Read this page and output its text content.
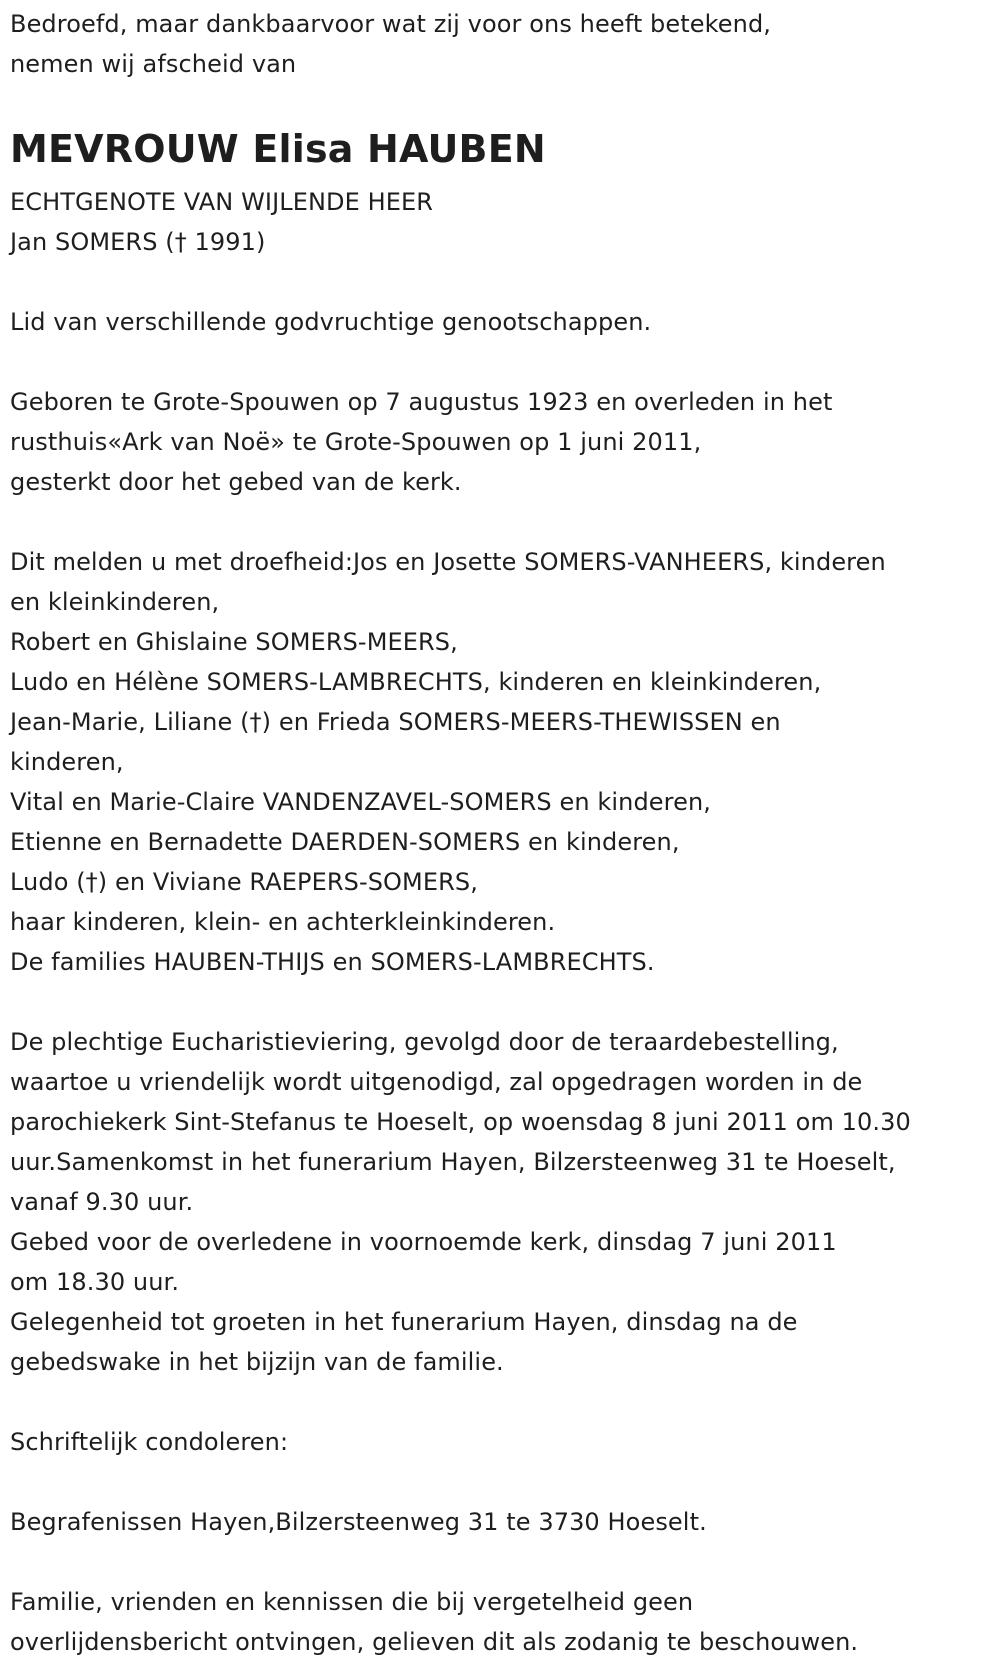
Bedroefd, maar dankbaarvoor wat zij voor ons heeft betekend,
nemen wij afscheid van
MEVROUW Elisa HAUBEN
ECHTGENOTE VAN WIJLENDE HEER
Jan SOMERS († 1991)
Lid van verschillende godvruchtige genootschappen.
Geboren te Grote-Spouwen op 7 augustus 1923 en overleden in het
rusthuis«Ark van Noë» te Grote-Spouwen op 1 juni 2011,
gesterkt door het gebed van de kerk.
Dit melden u met droefheid:Jos en Josette SOMERS-VANHEERS, kinderen
en kleinkinderen,
Robert en Ghislaine SOMERS-MEERS,
Ludo en Hélène SOMERS-LAMBRECHTS, kinderen en kleinkinderen,
Jean-Marie, Liliane (†) en Frieda SOMERS-MEERS-THEWISSEN en
kinderen,
Vital en Marie-Claire VANDENZAVEL-SOMERS en kinderen,
Etienne en Bernadette DAERDEN-SOMERS en kinderen,
Ludo (†) en Viviane RAEPERS-SOMERS,
haar kinderen, klein- en achterkleinkinderen.
De families HAUBEN-THIJS en SOMERS-LAMBRECHTS.
De plechtige Eucharistieviering, gevolgd door de teraardebestelling,
waartoe u vriendelijk wordt uitgenodigd, zal opgedragen worden in de
parochiekerk Sint-Stefanus te Hoeselt, op woensdag 8 juni 2011 om 10.30
uur.Samenkomst in het funerarium Hayen, Bilzersteenweg 31 te Hoeselt,
vanaf 9.30 uur.
Gebed voor de overledene in voornoemde kerk, dinsdag 7 juni 2011
om 18.30 uur.
Gelegenheid tot groeten in het funerarium Hayen, dinsdag na de
gebedswake in het bijzijn van de familie.
Schriftelijk condoleren:
Begrafenissen Hayen,Bilzersteenweg 31 te 3730 Hoeselt.
Familie, vrienden en kennissen die bij vergetelheid geen
overlijdensbericht ontvingen, gelieven dit als zodanig te beschouwen.
